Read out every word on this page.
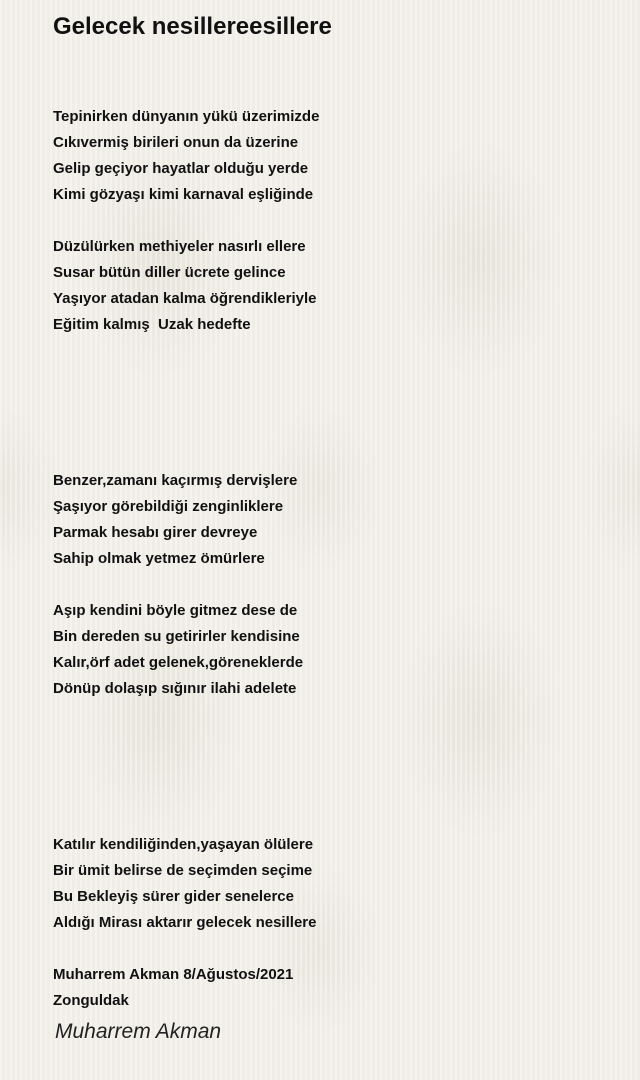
Gelecek nesillereesillere
Tepinirken dünyanın yükü üzerimizde
Cıkıvermiş birileri onun da üzerine
Gelip geçiyor hayatlar olduğu yerde
Kimi gözyaşı kimi karnaval eşliğinde
Düzülürken methiyeler nasırlı ellere
Susar bütün diller ücrete gelince
Yaşıyor atadan kalma öğrendikleriyle
Eğitim kalmış  Uzak hedefte
Benzer,zamanı kaçırmış dervişlere
Şaşıyor görebildiği zenginliklere
Parmak hesabı girer devreye
Sahip olmak yetmez ömürlere
Aşıp kendini böyle gitmez dese de
Bin dereden su getirirler kendisine
Kalır,örf adet gelenek,göreneklerde
Dönüp dolaşıp sığınır ilahi adelete
Katılır kendiliğinden,yaşayan ölülere
Bir ümit belirse de seçimden seçime
Bu Bekleyiş sürer gider senelerce
Aldığı Mirası aktarır gelecek nesillere
Muharrem Akman 8/Ağustos/2021
Zonguldak
Muharrem Akman
